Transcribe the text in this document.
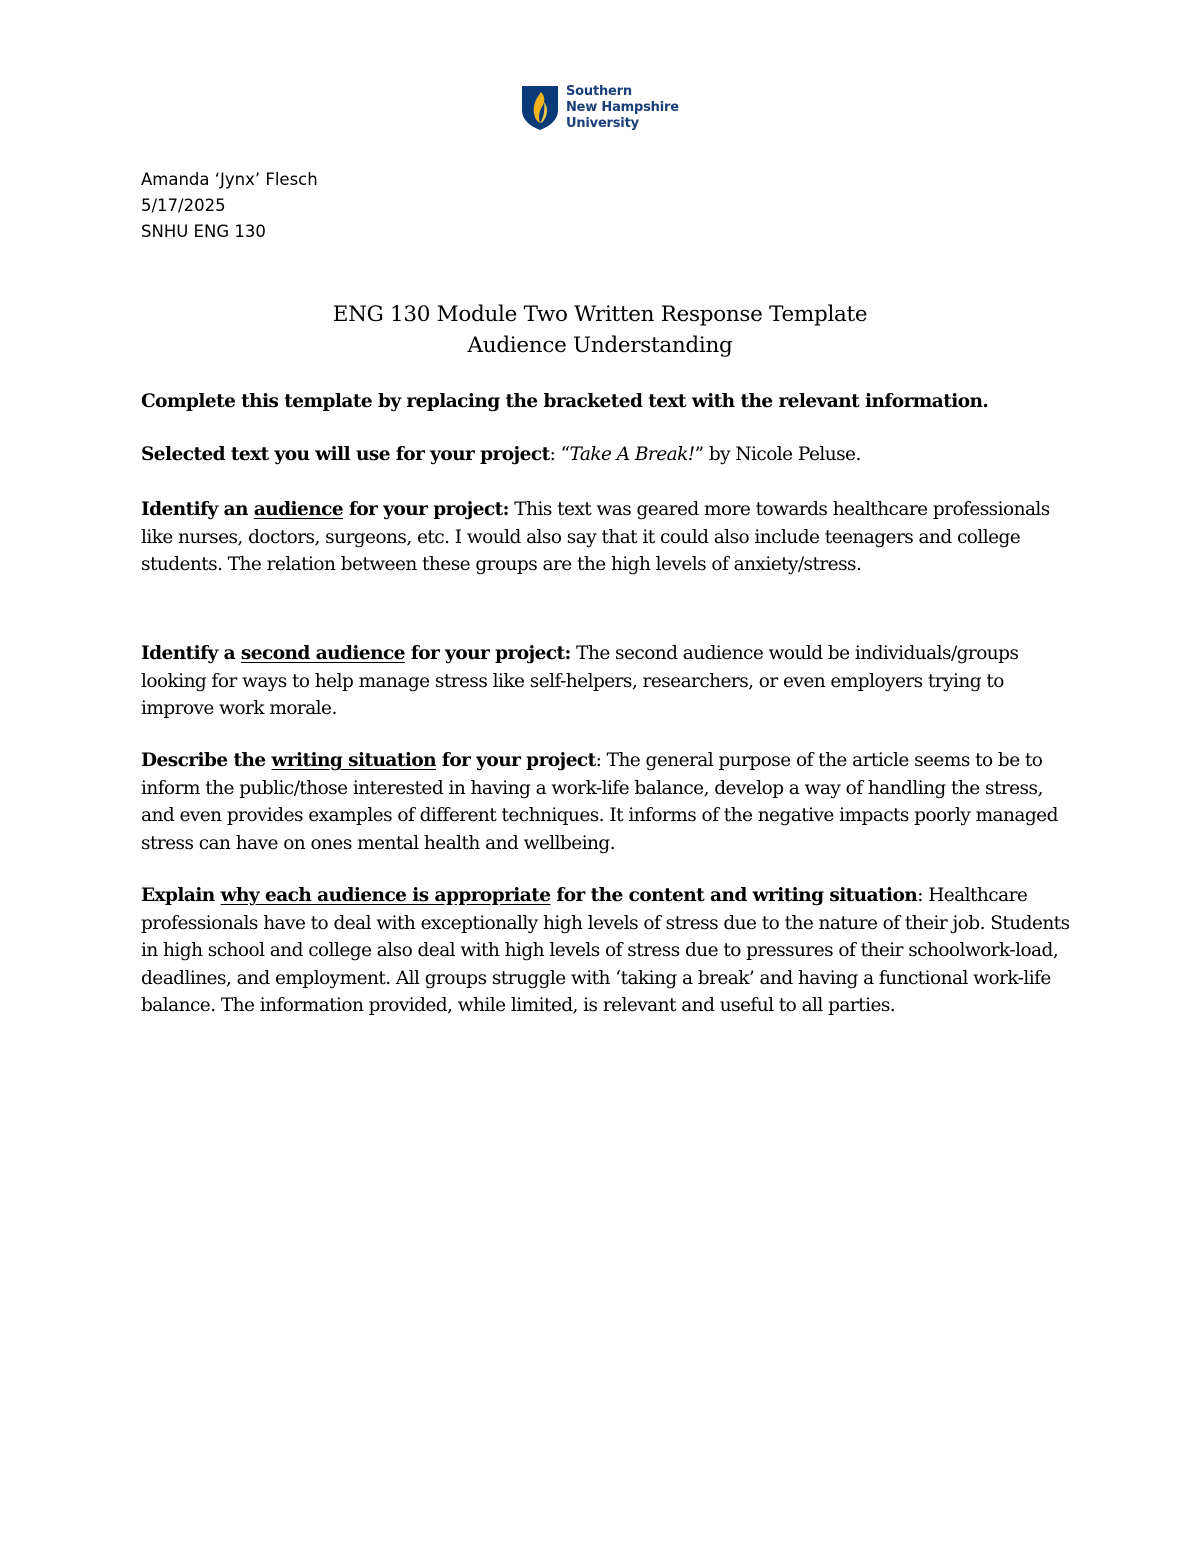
Southern
New Hampshire
University
Amanda ‘Jynx’ Flesch
5/17/2025
SNHU ENG 130
ENG 130 Module Two Written Response Template
Audience Understanding
Complete this template by replacing the bracketed text with the relevant information.
Selected text you will use for your project: “Take A Break!” by Nicole Peluse.
Identify an audience for your project: This text was geared more towards healthcare professionals like nurses, doctors, surgeons, etc. I would also say that it could also include teenagers and college students. The relation between these groups are the high levels of anxiety/stress.
Identify a second audience for your project: The second audience would be individuals/groups looking for ways to help manage stress like self-helpers, researchers, or even employers trying to improve work morale.
Describe the writing situation for your project: The general purpose of the article seems to be to inform the public/those interested in having a work-life balance, develop a way of handling the stress, and even provides examples of different techniques. It informs of the negative impacts poorly managed stress can have on ones mental health and wellbeing.
Explain why each audience is appropriate for the content and writing situation: Healthcare professionals have to deal with exceptionally high levels of stress due to the nature of their job. Students in high school and college also deal with high levels of stress due to pressures of their schoolwork-load, deadlines, and employment. All groups struggle with ‘taking a break’ and having a functional work-life balance. The information provided, while limited, is relevant and useful to all parties.
